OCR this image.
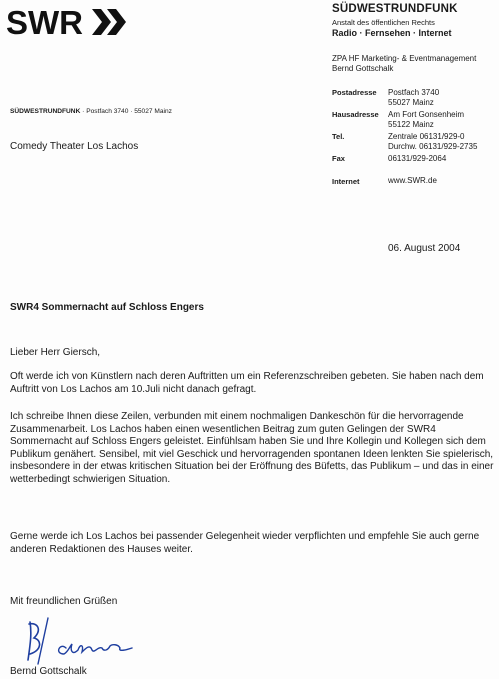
SWR	SÜDWESTRUNDFUNK
Anstalt des öffentlichen Rechts
Radio · Fernsehen · Internet
ZPA HF Marketing- & Eventmanagement
Bernd Gottschalk
Postadresse Postfach 3740
55027 Mainz
Hausadresse Am Fort Gonsenheim
55122 Mainz
Tel.	Zentrale 06131/929-0
Durchw. 06131/929-2735
Fax	06131/929-2064
Internet	www.SWR.de
SÜDWESTRUNDFUNK · Postfach 3740 · 55027 Mainz
Comedy Theater Los Lachos
06. August 2004
SWR4 Sommernacht auf Schloss Engers
Lieber Herr Giersch,
Oft werde ich von Künstlern nach deren Auftritten um ein Referenzschreiben gebeten. Sie haben nach dem Auftritt von Los Lachos am 10.Juli nicht danach gefragt.
Ich schreibe Ihnen diese Zeilen, verbunden mit einem nochmaligen Dankeschön für die hervorragende Zusammenarbeit. Los Lachos haben einen wesentlichen Beitrag zum guten Gelingen der SWR4 Sommernacht auf Schloss Engers geleistet. Einfühlsam haben Sie und Ihre Kollegin und Kollegen sich dem Publikum genähert. Sensibel, mit viel Geschick und hervorragenden spontanen Ideen lenkten Sie spielerisch, insbesondere in der etwas kritischen Situation bei der Eröffnung des Büfetts, das Publikum – und das in einer wetterbedingt schwierigen Situation.
Gerne werde ich Los Lachos bei passender Gelegenheit wieder verpflichten und empfehle Sie auch gerne anderen Redaktionen des Hauses weiter.
Mit freundlichen Grüßen
Bernd Gottschalk
